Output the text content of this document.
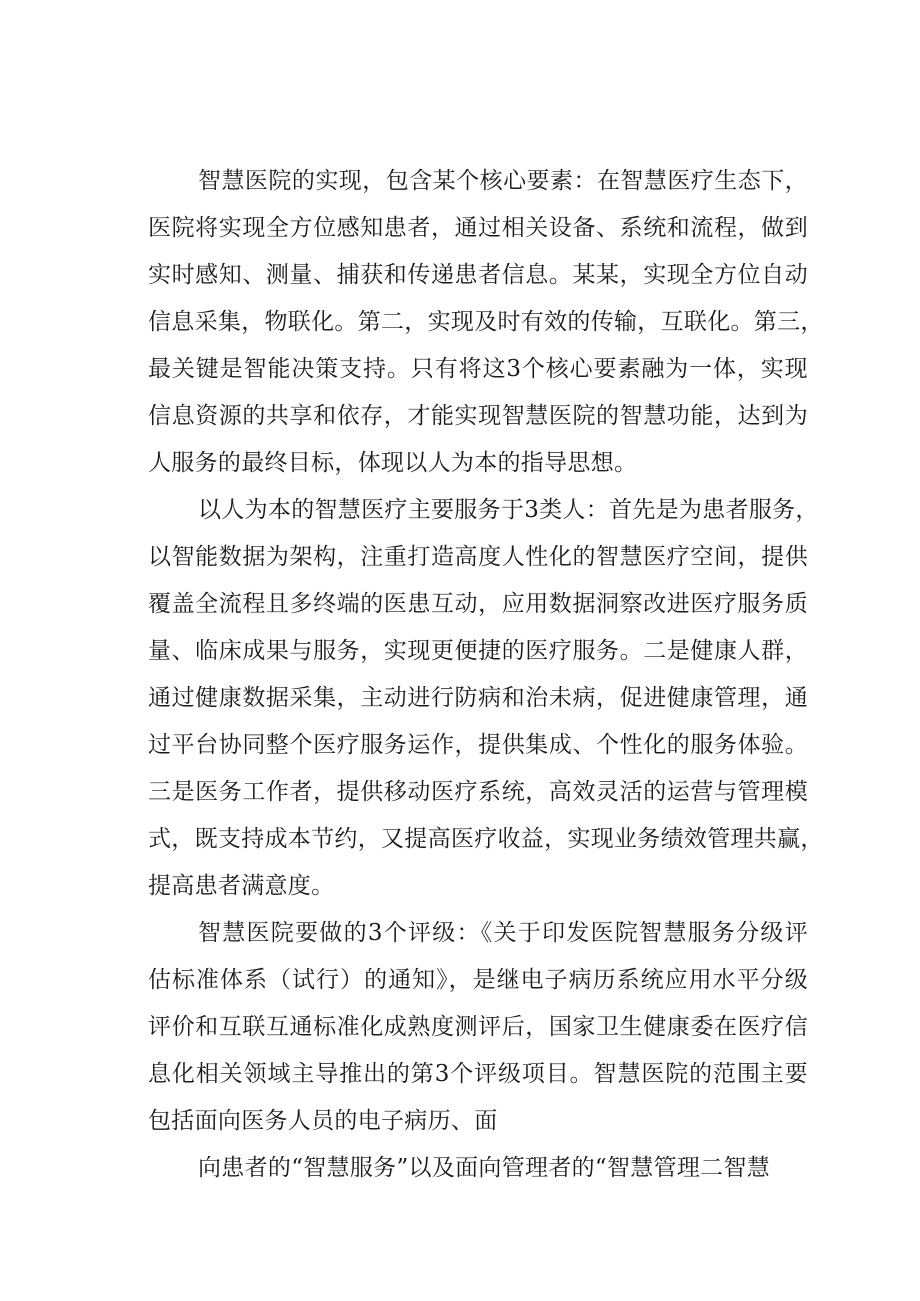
智慧医院的实现，包含某个核心要素：在智慧医疗生态下，
医院将实现全方位感知患者，通过相关设备、系统和流程，做到
实时感知、测量、捕获和传递患者信息。某某，实现全方位自动
信息采集，物联化。第二，实现及时有效的传输，互联化。第三，
最关键是智能决策支持。只有将这3个核心要素融为一体，实现
信息资源的共享和依存，才能实现智慧医院的智慧功能，达到为
人服务的最终目标，体现以人为本的指导思想。
以人为本的智慧医疗主要服务于3类人：首先是为患者服务，
以智能数据为架构，注重打造高度人性化的智慧医疗空间，提供
覆盖全流程且多终端的医患互动，应用数据洞察改进医疗服务质
量、临床成果与服务，实现更便捷的医疗服务。二是健康人群，
通过健康数据采集，主动进行防病和治未病，促进健康管理，通
过平台协同整个医疗服务运作，提供集成、个性化的服务体验。
三是医务工作者，提供移动医疗系统，高效灵活的运营与管理模
式，既支持成本节约，又提高医疗收益，实现业务绩效管理共赢，
提高患者满意度。
智慧医院要做的3个评级：《关于印发医院智慧服务分级评
估标准体系（试行）的通知》，是继电子病历系统应用水平分级
评价和互联互通标准化成熟度测评后，国家卫生健康委在医疗信
息化相关领域主导推出的第3个评级项目。智慧医院的范围主要
包括面向医务人员的电子病历、面
向患者的“智慧服务”以及面向管理者的“智慧管理二智慧
